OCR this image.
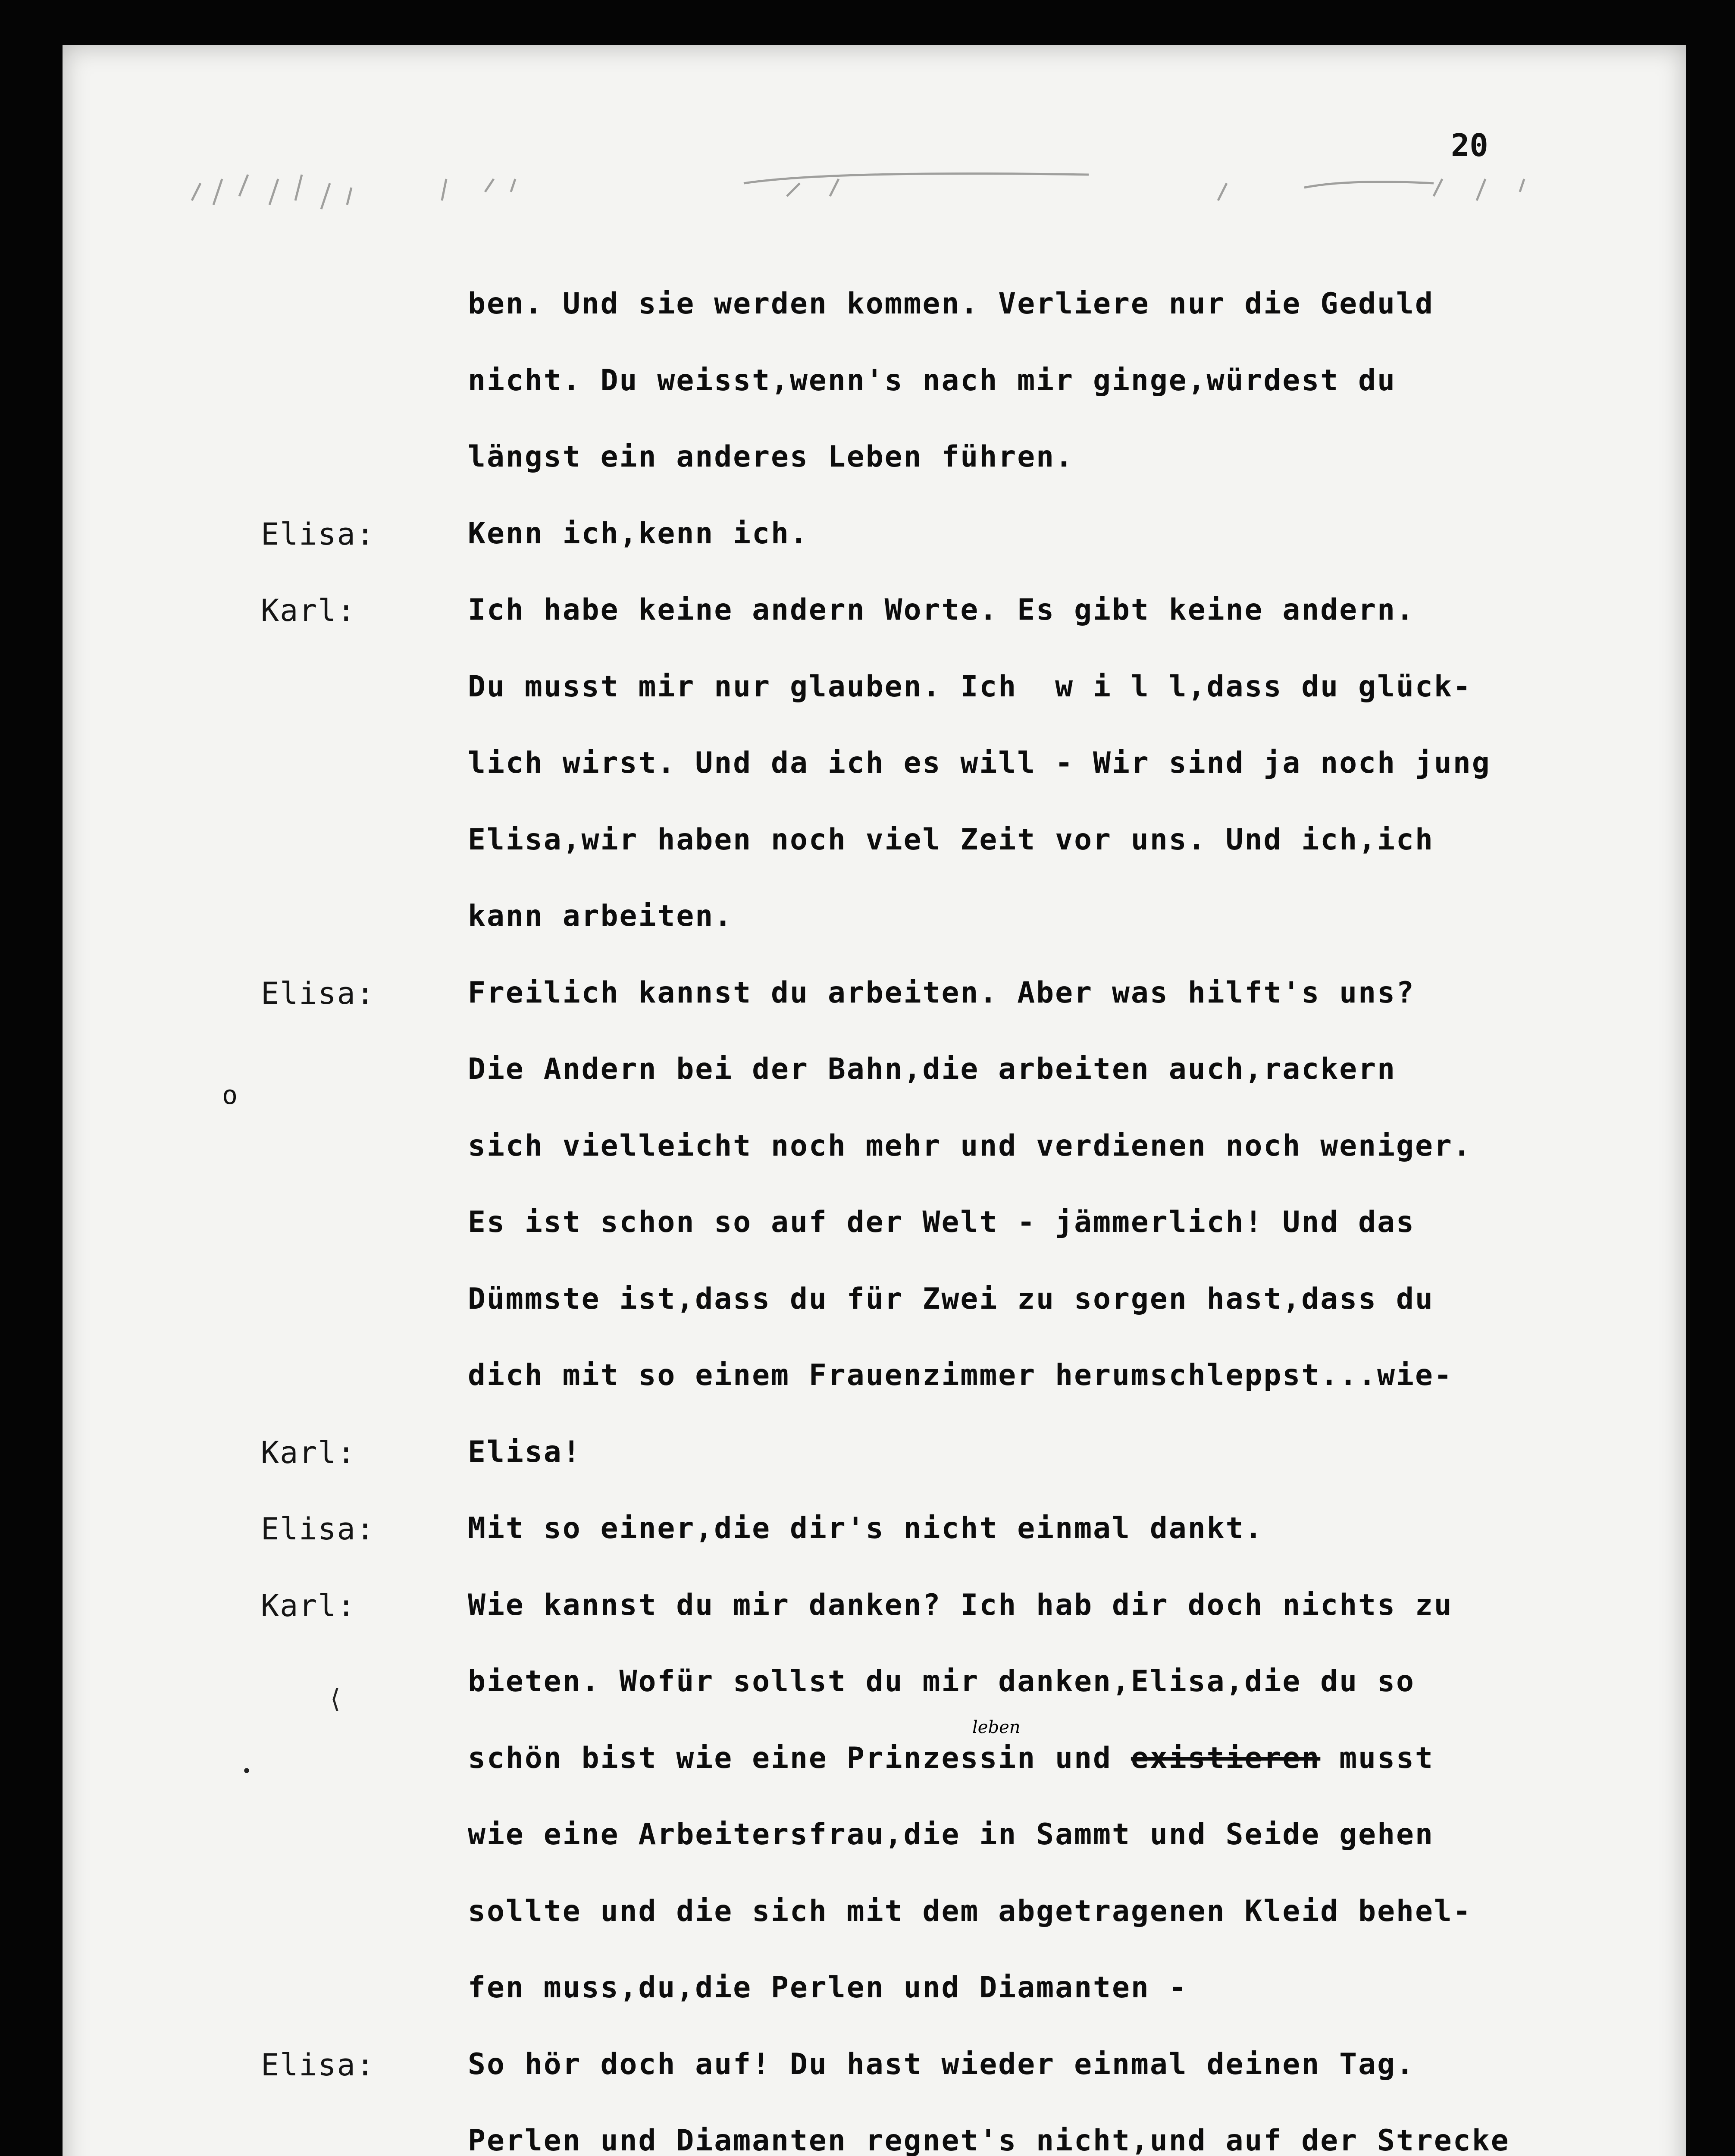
20
ben. Und sie werden kommen. Verliere nur die Geduld
nicht. Du weisst,wenn's nach mir ginge,würdest du
längst ein anderes Leben führen.
Elisa:	Kenn ich,kenn ich.
Karl:	Ich habe keine andern Worte. Es gibt keine andern.
Du musst mir nur glauben. Ich  w i l l,dass du glück-
lich wirst. Und da ich es will - Wir sind ja noch jung
Elisa,wir haben noch viel Zeit vor uns. Und ich,ich
kann arbeiten.
Elisa:	Freilich kannst du arbeiten. Aber was hilft's uns?
Die Andern bei der Bahn,die arbeiten auch,rackern
sich vielleicht noch mehr und verdienen noch weniger.
Es ist schon so auf der Welt - jämmerlich! Und das
Dümmste ist,dass du für Zwei zu sorgen hast,dass du
dich mit so einem Frauenzimmer herumschleppst...wie-
Karl:	Elisa!
Elisa:	Mit so einer,die dir's nicht einmal dankt.
Karl:	Wie kannst du mir danken? Ich hab dir doch nichts zu
bieten. Wofür sollst du mir danken,Elisa,die du so
leben
schön bist wie eine Prinzessin und existieren musst
wie eine Arbeitersfrau,die in Sammt und Seide gehen
sollte und die sich mit dem abgetragenen Kleid behel-
fen muss,du,die Perlen und Diamanten -
Elisa:	So hör doch auf! Du hast wieder einmal deinen Tag.
Perlen und Diamanten regnet's nicht,und auf der Strecke
o
⟨
•
